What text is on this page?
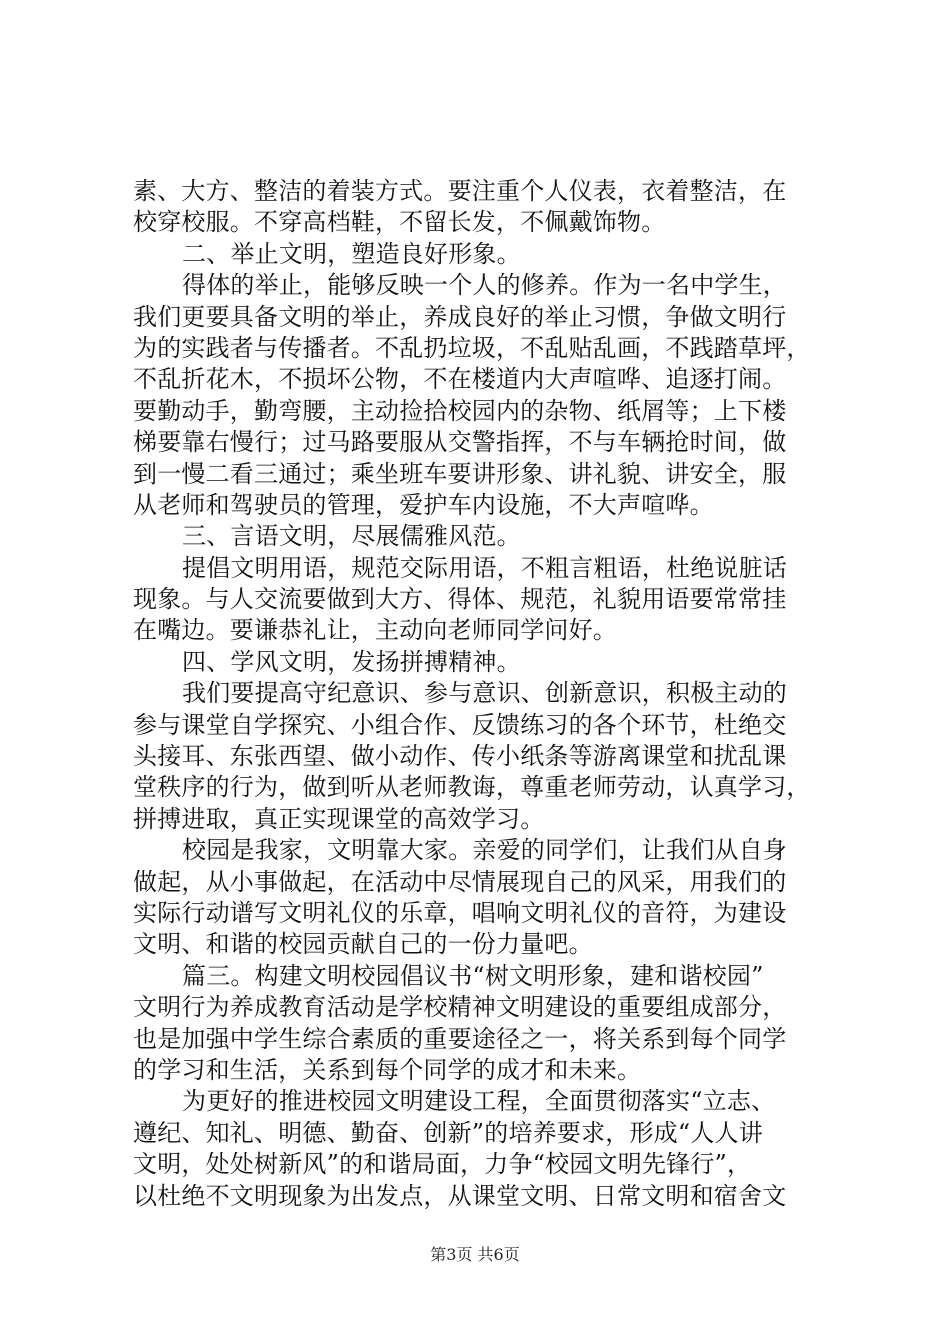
素、大方、整洁的着装方式。要注重个人仪表，衣着整洁，在
校穿校服。不穿高档鞋，不留长发，不佩戴饰物。
二、举止文明，塑造良好形象。
得体的举止，能够反映一个人的修养。作为一名中学生，
我们更要具备文明的举止，养成良好的举止习惯，争做文明行
为的实践者与传播者。不乱扔垃圾，不乱贴乱画，不践踏草坪，
不乱折花木，不损坏公物，不在楼道内大声喧哗、追逐打闹。
要勤动手，勤弯腰，主动捡拾校园内的杂物、纸屑等；上下楼
梯要靠右慢行；过马路要服从交警指挥，不与车辆抢时间，做
到一慢二看三通过；乘坐班车要讲形象、讲礼貌、讲安全，服
从老师和驾驶员的管理，爱护车内设施，不大声喧哗。
三、言语文明，尽展儒雅风范。
提倡文明用语，规范交际用语，不粗言粗语，杜绝说脏话
现象。与人交流要做到大方、得体、规范，礼貌用语要常常挂
在嘴边。要谦恭礼让，主动向老师同学问好。
四、学风文明，发扬拼搏精神。
我们要提高守纪意识、参与意识、创新意识，积极主动的
参与课堂自学探究、小组合作、反馈练习的各个环节，杜绝交
头接耳、东张西望、做小动作、传小纸条等游离课堂和扰乱课
堂秩序的行为，做到听从老师教诲，尊重老师劳动，认真学习，
拼搏进取，真正实现课堂的高效学习。
校园是我家，文明靠大家。亲爱的同学们，让我们从自身
做起，从小事做起，在活动中尽情展现自己的风采，用我们的
实际行动谱写文明礼仪的乐章，唱响文明礼仪的音符，为建设
文明、和谐的校园贡献自己的一份力量吧。
篇三。构建文明校园倡议书“树文明形象，建和谐校园”
文明行为养成教育活动是学校精神文明建设的重要组成部分，
也是加强中学生综合素质的重要途径之一，将关系到每个同学
的学习和生活，关系到每个同学的成才和未来。
为更好的推进校园文明建设工程，全面贯彻落实“立志、
遵纪、知礼、明德、勤奋、创新”的培养要求，形成“人人讲
文明，处处树新风”的和谐局面，力争“校园文明先锋行”，
以杜绝不文明现象为出发点，从课堂文明、日常文明和宿舍文
第3页 共6页
